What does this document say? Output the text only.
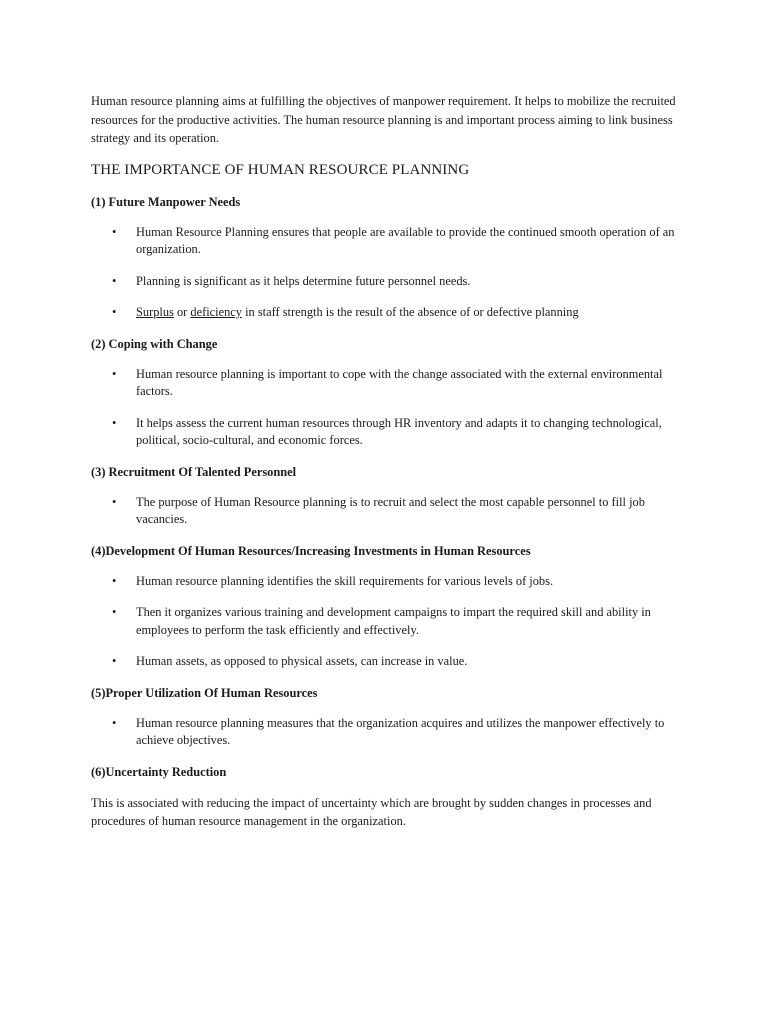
Human resource planning aims at fulfilling the objectives of manpower requirement. It helps to mobilize the recruited resources for the productive activities. The human resource planning is and important process aiming to link business strategy and its operation.

THE IMPORTANCE OF HUMAN RESOURCE PLANNING
(1) Future Manpower Needs
• Human Resource Planning ensures that people are available to provide the continued smooth operation of an organization.
• Planning is significant as it helps determine future personnel needs.
• Surplus or deficiency in staff strength is the result of the absence of or defective planning
(2) Coping with Change
• Human resource planning is important to cope with the change associated with the external environmental factors.
• It helps assess the current human resources through HR inventory and adapts it to changing technological, political, socio-cultural, and economic forces.
(3) Recruitment Of Talented Personnel
• The purpose of Human Resource planning is to recruit and select the most capable personnel to fill job vacancies.
(4)Development Of Human Resources/Increasing Investments in Human Resources
• Human resource planning identifies the skill requirements for various levels of jobs.
• Then it organizes various training and development campaigns to impart the required skill and ability in employees to perform the task efficiently and effectively.
• Human assets, as opposed to physical assets, can increase in value.
(5)Proper Utilization Of Human Resources
• Human resource planning measures that the organization acquires and utilizes the manpower effectively to achieve objectives.
(6)Uncertainty Reduction

This is associated with reducing the impact of uncertainty which are brought by sudden changes in processes and procedures of human resource management in the organization.
